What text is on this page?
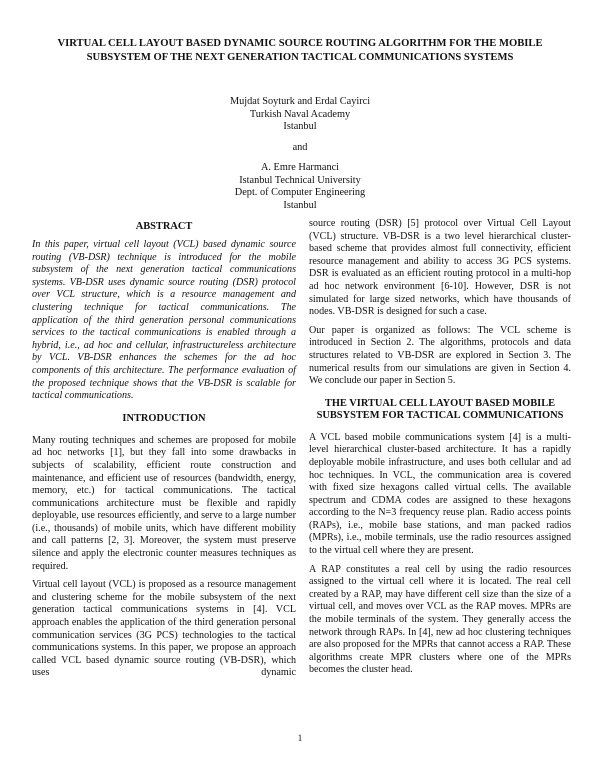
VIRTUAL CELL LAYOUT BASED DYNAMIC SOURCE ROUTING ALGORITHM FOR THE MOBILE SUBSYSTEM OF THE NEXT GENERATION TACTICAL COMMUNICATIONS SYSTEMS
Mujdat Soyturk and Erdal Cayirci
Turkish Naval Academy
Istanbul
and
A. Emre Harmanci
Istanbul Technical University
Dept. of Computer Engineering
Istanbul
ABSTRACT

In this paper, virtual cell layout (VCL) based dynamic source routing (VB-DSR) technique is introduced for the mobile subsystem of the next generation tactical communications systems. VB-DSR uses dynamic source routing (DSR) protocol over VCL structure, which is a resource management and clustering technique for tactical communications. The application of the third generation personal communications services to the tactical communications is enabled through a hybrid, i.e., ad hoc and cellular, infrastructureless architecture by VCL. VB-DSR enhances the schemes for the ad hoc components of this architecture. The performance evaluation of the proposed technique shows that the VB-DSR is scalable for tactical communications.

INTRODUCTION

Many routing techniques and schemes are proposed for mobile ad hoc networks [1], but they fall into some drawbacks in subjects of scalability, efficient route construction and maintenance, and efficient use of resources (bandwidth, energy, memory, etc.) for tactical communications. The tactical communications architecture must be flexible and rapidly deployable, use resources efficiently, and serve to a large number (i.e., thousands) of mobile units, which have different mobility and call patterns [2, 3]. Moreover, the system must preserve silence and apply the electronic counter measures techniques as required.

Virtual cell layout (VCL) is proposed as a resource management and clustering scheme for the mobile subsystem of the next generation tactical communications systems in [4]. VCL approach enables the application of the third generation personal communication services (3G PCS) technologies to the tactical communications systems. In this paper, we propose an approach called VCL based dynamic source routing (VB-DSR), which uses dynamic

source routing (DSR) [5] protocol over Virtual Cell Layout (VCL) structure. VB-DSR is a two level hierarchical cluster-based scheme that provides almost full connectivity, efficient resource management and ability to access 3G PCS systems. DSR is evaluated as an efficient routing protocol in a multi-hop ad hoc network environment [6-10]. However, DSR is not simulated for large sized networks, which have thousands of nodes. VB-DSR is designed for such a case.

Our paper is organized as follows: The VCL scheme is introduced in Section 2. The algorithms, protocols and data structures related to VB-DSR are explored in Section 3. The numerical results from our simulations are given in Section 4. We conclude our paper in Section 5.

THE VIRTUAL CELL LAYOUT BASED MOBILE SUBSYSTEM FOR TACTICAL COMMUNICATIONS

A VCL based mobile communications system [4] is a multi-level hierarchical cluster-based architecture. It has a rapidly deployable mobile infrastructure, and uses both cellular and ad hoc techniques. In VCL, the communication area is covered with fixed size hexagons called virtual cells. The available spectrum and CDMA codes are assigned to these hexagons according to the N=3 frequency reuse plan. Radio access points (RAPs), i.e., mobile base stations, and man packed radios (MPRs), i.e., mobile terminals, use the radio resources assigned to the virtual cell where they are present.

A RAP constitutes a real cell by using the radio resources assigned to the virtual cell where it is located. The real cell created by a RAP, may have different cell size than the size of a virtual cell, and moves over VCL as the RAP moves. MPRs are the mobile terminals of the system. They generally access the network through RAPs. In [4], new ad hoc clustering techniques are also proposed for the MPRs that cannot access a RAP. These algorithms create MPR clusters where one of the MPRs becomes the cluster head.

1
